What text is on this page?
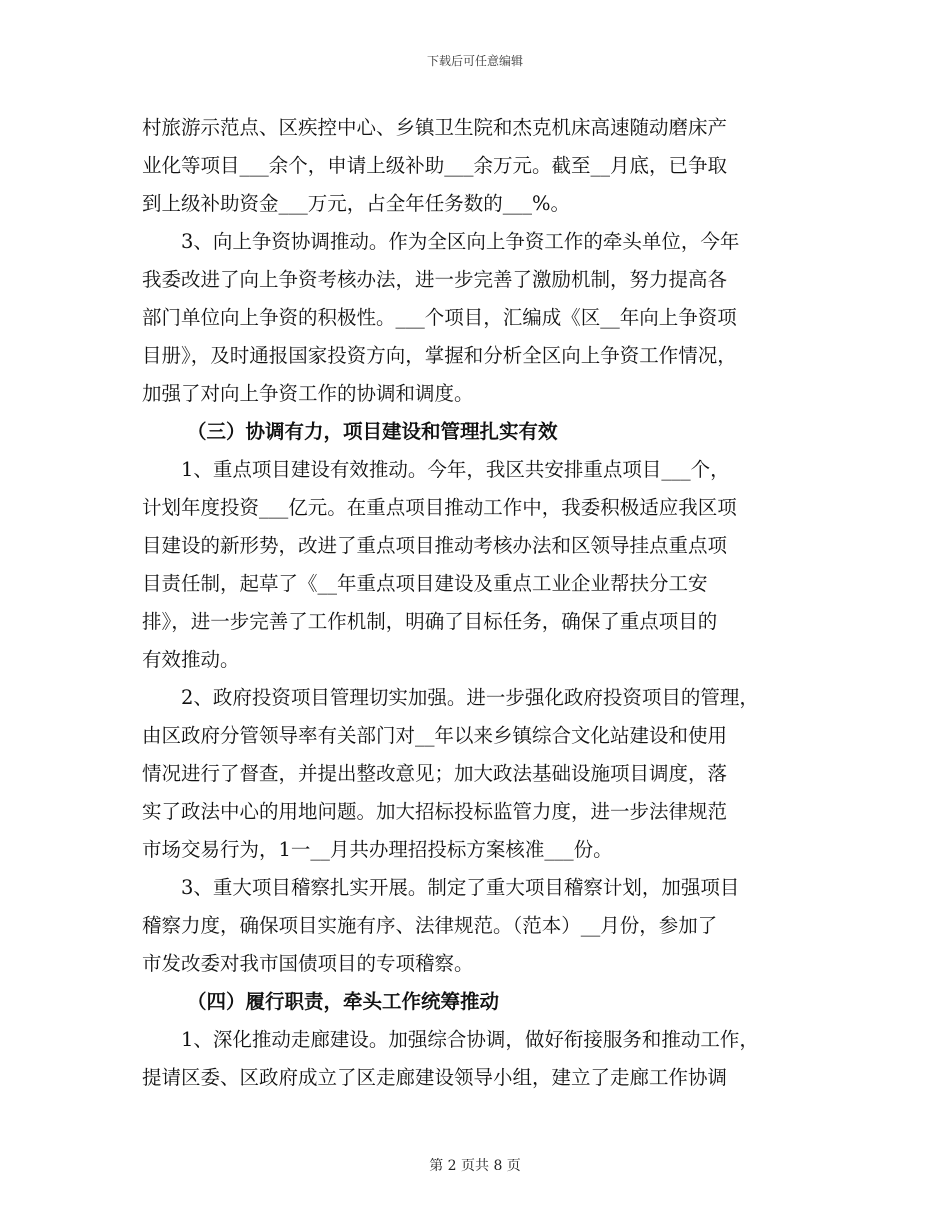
下载后可任意编辑
村旅游示范点、区疾控中心、乡镇卫生院和杰克机床高速随动磨床产
业化等项目___余个，申请上级补助___余万元。截至__月底，已争取
到上级补助资金___万元，占全年任务数的___%。
3、向上争资协调推动。作为全区向上争资工作的牵头单位，今年
我委改进了向上争资考核办法，进一步完善了激励机制，努力提高各
部门单位向上争资的积极性。___个项目，汇编成《区__年向上争资项
目册》，及时通报国家投资方向，掌握和分析全区向上争资工作情况，
加强了对向上争资工作的协调和调度。
（三）协调有力，项目建设和管理扎实有效
1、重点项目建设有效推动。今年，我区共安排重点项目___个，
计划年度投资___亿元。在重点项目推动工作中，我委积极适应我区项
目建设的新形势，改进了重点项目推动考核办法和区领导挂点重点项
目责任制，起草了《__年重点项目建设及重点工业企业帮扶分工安
排》，进一步完善了工作机制，明确了目标任务，确保了重点项目的
有效推动。
2、政府投资项目管理切实加强。进一步强化政府投资项目的管理，
由区政府分管领导率有关部门对__年以来乡镇综合文化站建设和使用
情况进行了督查，并提出整改意见；加大政法基础设施项目调度，落
实了政法中心的用地问题。加大招标投标监管力度，进一步法律规范
市场交易行为，1一__月共办理招投标方案核准___份。
3、重大项目稽察扎实开展。制定了重大项目稽察计划，加强项目
稽察力度，确保项目实施有序、法律规范。（范本）__月份，参加了
市发改委对我市国债项目的专项稽察。
（四）履行职责，牵头工作统筹推动
1、深化推动走廊建设。加强综合协调，做好衔接服务和推动工作，
提请区委、区政府成立了区走廊建设领导小组，建立了走廊工作协调
第 2 页共 8 页
